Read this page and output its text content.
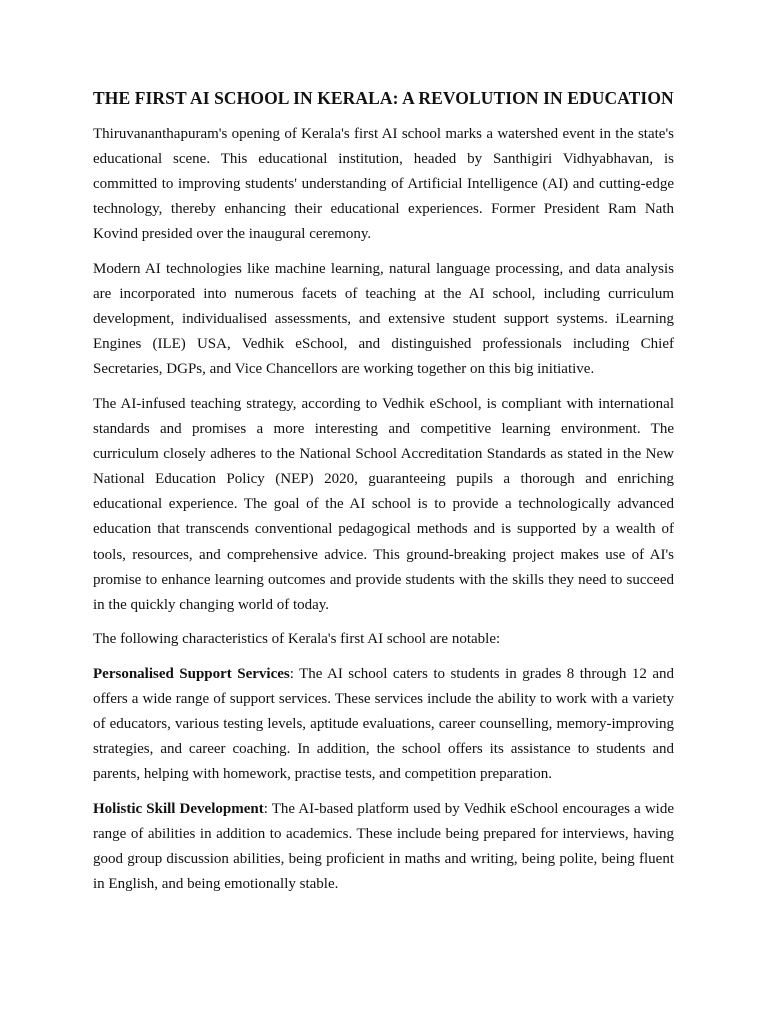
THE FIRST AI SCHOOL IN KERALA: A REVOLUTION IN EDUCATION

Thiruvananthapuram's opening of Kerala's first AI school marks a watershed event in the state's educational scene. This educational institution, headed by Santhigiri Vidhyabhavan, is committed to improving students' understanding of Artificial Intelligence (AI) and cutting-edge technology, thereby enhancing their educational experiences. Former President Ram Nath Kovind presided over the inaugural ceremony.

Modern AI technologies like machine learning, natural language processing, and data analysis are incorporated into numerous facets of teaching at the AI school, including curriculum development, individualised assessments, and extensive student support systems. iLearning Engines (ILE) USA, Vedhik eSchool, and distinguished professionals including Chief Secretaries, DGPs, and Vice Chancellors are working together on this big initiative.

The AI-infused teaching strategy, according to Vedhik eSchool, is compliant with international standards and promises a more interesting and competitive learning environment. The curriculum closely adheres to the National School Accreditation Standards as stated in the New National Education Policy (NEP) 2020, guaranteeing pupils a thorough and enriching educational experience. The goal of the AI school is to provide a technologically advanced education that transcends conventional pedagogical methods and is supported by a wealth of tools, resources, and comprehensive advice. This ground-breaking project makes use of AI's promise to enhance learning outcomes and provide students with the skills they need to succeed in the quickly changing world of today.

The following characteristics of Kerala's first AI school are notable:

Personalised Support Services: The AI school caters to students in grades 8 through 12 and offers a wide range of support services. These services include the ability to work with a variety of educators, various testing levels, aptitude evaluations, career counselling, memory-improving strategies, and career coaching. In addition, the school offers its assistance to students and parents, helping with homework, practise tests, and competition preparation.

Holistic Skill Development: The AI-based platform used by Vedhik eSchool encourages a wide range of abilities in addition to academics. These include being prepared for interviews, having good group discussion abilities, being proficient in maths and writing, being polite, being fluent in English, and being emotionally stable.
